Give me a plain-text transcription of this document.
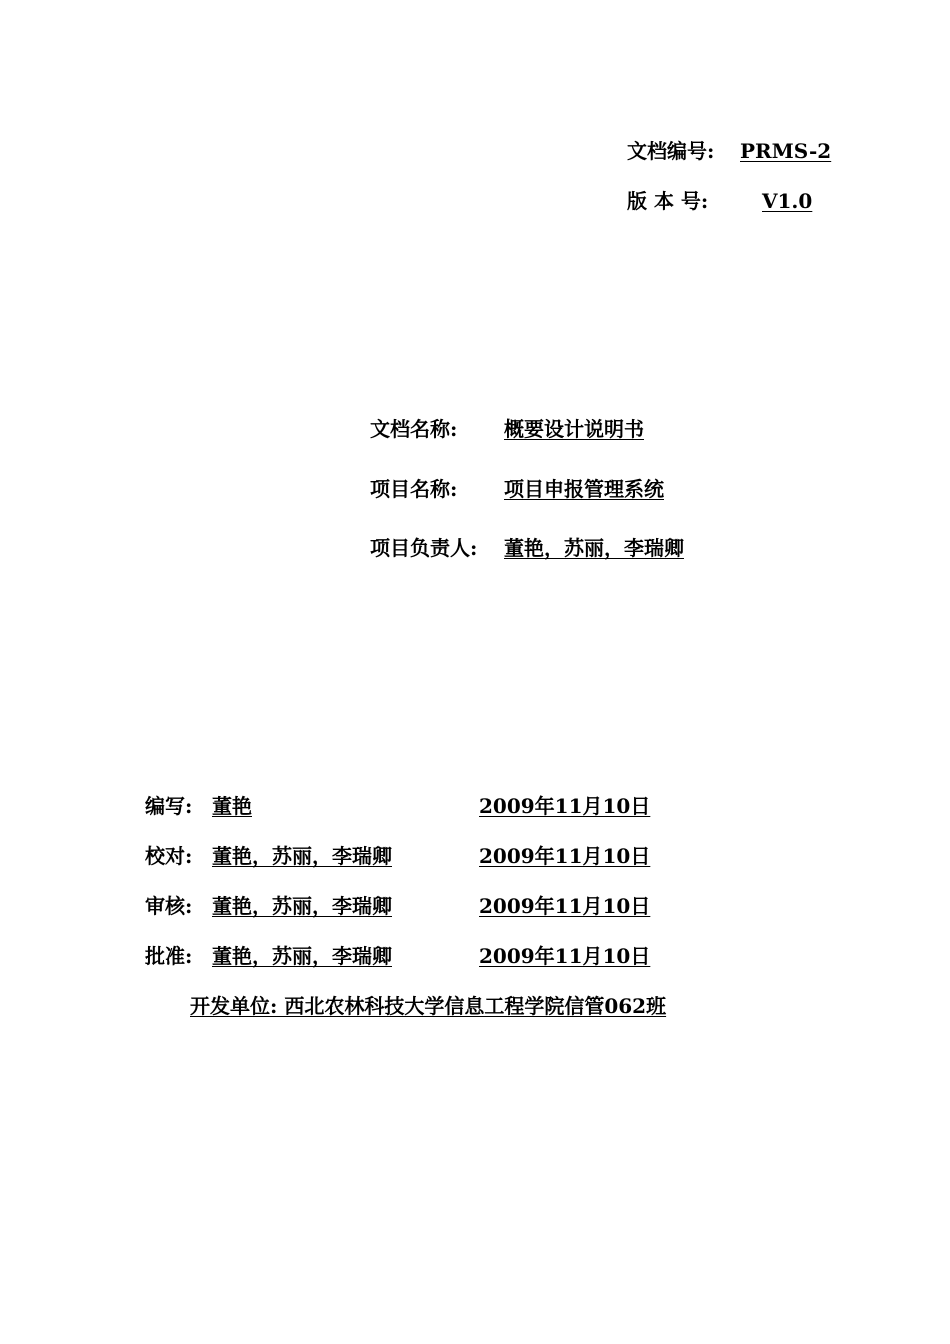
文档编号: PRMS-2
版 本 号:	V1.0
文档名称: 概要设计说明书
项目名称: 项目申报管理系统
项目负责人: 董艳，苏丽，李瑞卿
编写: 董艳	2009年11月10日
校对: 董艳，苏丽，李瑞卿	2009年11月10日
审核: 董艳，苏丽，李瑞卿	2009年11月10日
批准: 董艳，苏丽，李瑞卿	2009年11月10日
开发单位: 西北农林科技大学信息工程学院信管062班
